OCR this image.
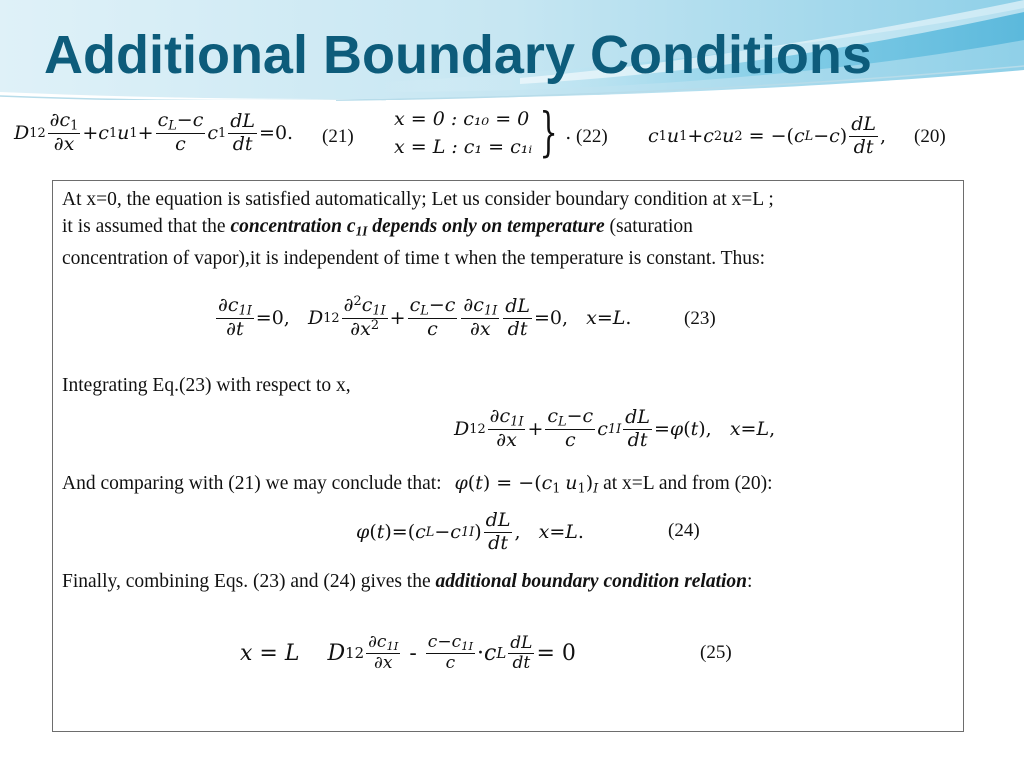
Additional Boundary Conditions
D $12 \frac{\partial c_1}{\partial x} + c$ 1 u $1 + \frac{c_L-c}{c}$ c $1 \frac{dL}{dt} =0$. (21)
x = 0 : c₁₀ = 0
x = L : c₁ = c₁ᵢ } . (22) c 1 u 1 + c 2 u 2 = −( c L − c ) $\frac{dL}{dt}$ , (20)
At x=0, the equation is satisfied automatically; Let us consider boundary condition at x=L ;
it is assumed that the concentration $c_{1I}$ depends only on temperature (saturation
concentration of vapor),it is independent of time t when the temperature is constant. Thus:
$\frac{\partial c_{1I}}{\partial t} =0$, D $12 \frac{\partial^2c_{1I}}{\partial x^2} + \frac{c_L-c}{c} \frac{\partial c_{1I}}{\partial x} \frac{dL}{dt} =0$, x = L .	(23)
Integrating Eq.(23) with respect to x,
D $12 \frac{\partial c_{1I}}{\partial x} + \frac{c_L-c}{c}$ c $1I \frac{dL}{dt} = \varphi$ ( t ), x = L ,
And comparing with (21) we may conclude that: $\varphi(t) = -(c_1$ $u_1)_I$ at x=L and from (20):
φ ( t )=( c L − c 1I ) $\frac{dL}{dt}$ , x = L .	(24)
Finally, combining Eqs. (23) and (24) gives the additional boundary condition relation:
x = L
D $12 \frac{\partial c_{1I}}{\partial x} - \frac{c-c_{1I}}{c} \cdot c$ L $\frac{dL}{dt} = 0$	(25)
